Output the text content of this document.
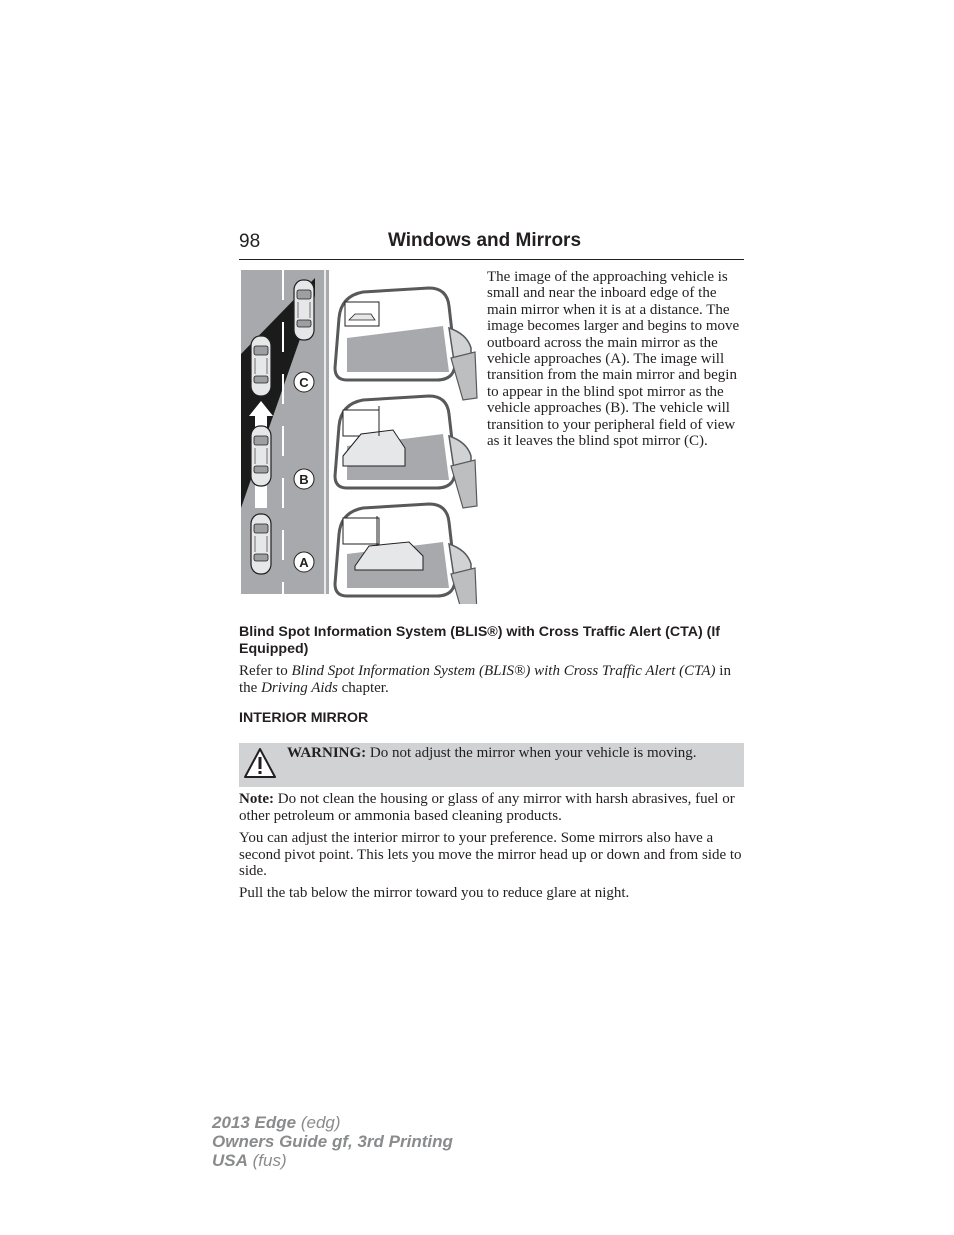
98	Windows and Mirrors
C
B
A
The image of the approaching vehicle is small and near the inboard edge of the main mirror when it is at a distance. The image becomes larger and begins to move outboard across the main mirror as the vehicle approaches (A). The image will transition from the main mirror and begin to appear in the blind spot mirror as the vehicle approaches (B). The vehicle will transition to your peripheral field of view as it leaves the blind spot mirror (C).
Blind Spot Information System (BLIS®) with Cross Traffic Alert (CTA) (If Equipped)
Refer to Blind Spot Information System (BLIS®) with Cross Traffic Alert (CTA) in the Driving Aids chapter.
INTERIOR MIRROR
WARNING: Do not adjust the mirror when your vehicle is moving.
Note: Do not clean the housing or glass of any mirror with harsh abrasives, fuel or other petroleum or ammonia based cleaning products.
You can adjust the interior mirror to your preference. Some mirrors also have a second pivot point. This lets you move the mirror head up or down and from side to side.
Pull the tab below the mirror toward you to reduce glare at night.
2013 Edge (edg)
Owners Guide gf, 3rd Printing
USA (fus)
